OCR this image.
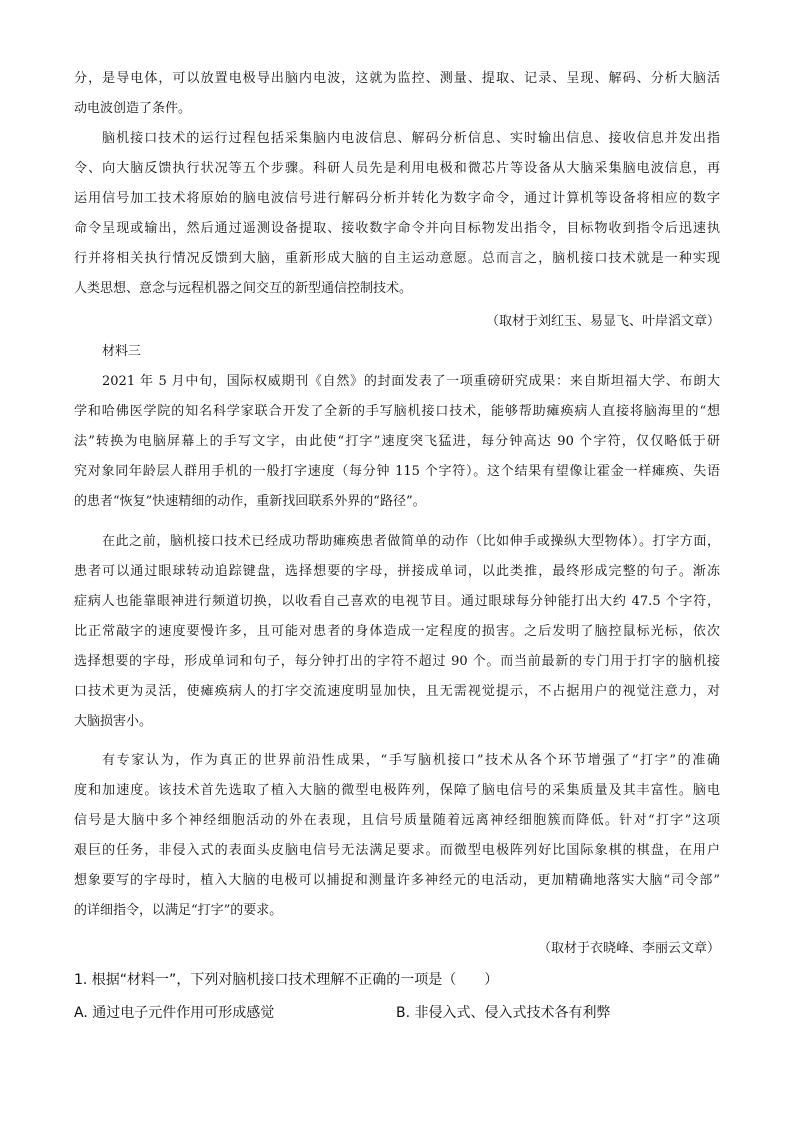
分，是导电体，可以放置电极导出脑内电波，这就为监控、测量、提取、记录、呈现、解码、分析大脑活
动电波创造了条件。
脑机接口技术的运行过程包括采集脑内电波信息、解码分析信息、实时输出信息、接收信息并发出指
令、向大脑反馈执行状况等五个步骤。科研人员先是利用电极和微芯片等设备从大脑采集脑电波信息，再
运用信号加工技术将原始的脑电波信号进行解码分析并转化为数字命令，通过计算机等设备将相应的数字
命令呈现或输出，然后通过遥测设备提取、接收数字命令并向目标物发出指令，目标物收到指令后迅速执
行并将相关执行情况反馈到大脑，重新形成大脑的自主运动意愿。总而言之，脑机接口技术就是一种实现
人类思想、意念与远程机器之间交互的新型通信控制技术。
（取材于刘红玉、易显飞、叶岸滔文章）
材料三
2021 年 5 月中旬，国际权威期刊《自然》的封面发表了一项重磅研究成果：来自斯坦福大学、布朗大
学和哈佛医学院的知名科学家联合开发了全新的手写脑机接口技术，能够帮助瘫痪病人直接将脑海里的“想
法”转换为电脑屏幕上的手写文字，由此使“打字”速度突飞猛进，每分钟高达 90 个字符，仅仅略低于研
究对象同年龄层人群用手机的一般打字速度（每分钟 115 个字符）。这个结果有望像让霍金一样瘫痪、失语
的患者“恢复”快速精细的动作，重新找回联系外界的“路径”。
在此之前，脑机接口技术已经成功帮助瘫痪患者做简单的动作（比如伸手或操纵大型物体）。打字方面，
患者可以通过眼球转动追踪键盘，选择想要的字母，拼接成单词，以此类推，最终形成完整的句子。渐冻
症病人也能靠眼神进行频道切换，以收看自己喜欢的电视节目。通过眼球每分钟能打出大约 47.5 个字符，
比正常敲字的速度要慢许多，且可能对患者的身体造成一定程度的损害。之后发明了脑控鼠标光标，依次
选择想要的字母，形成单词和句子，每分钟打出的字符不超过 90 个。而当前最新的专门用于打字的脑机接
口技术更为灵活，使瘫痪病人的打字交流速度明显加快，且无需视觉提示，不占据用户的视觉注意力，对
大脑损害小。
有专家认为，作为真正的世界前沿性成果，“手写脑机接口”技术从各个环节增强了“打字”的准确
度和加速度。该技术首先选取了植入大脑的微型电极阵列，保障了脑电信号的采集质量及其丰富性。脑电
信号是大脑中多个神经细胞活动的外在表现，且信号质量随着远离神经细胞簇而降低。针对“打字”这项
艰巨的任务，非侵入式的表面头皮脑电信号无法满足要求。而微型电极阵列好比国际象棋的棋盘，在用户
想象要写的字母时，植入大脑的电极可以捕捉和测量许多神经元的电活动，更加精确地落实大脑“司令部”
的详细指令，以满足“打字”的要求。
（取材于衣晓峰、李丽云文章）
1. 根据“材料一”，下列对脑机接口技术理解不正确的一项是（　　）
A. 通过电子元件作用可形成感觉	B. 非侵入式、侵入式技术各有利弊
